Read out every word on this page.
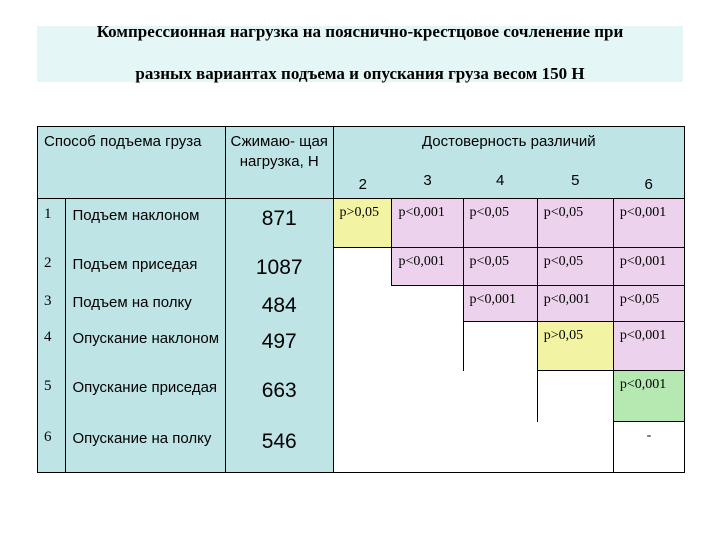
Компрессионная нагрузка на пояснично-крестцовое сочленение при
разных вариантах подъема и опускания груза весом 150 Н
Способ подъема груза		Сжимаю- щая нагрузка, Н	Достоверность различий				
			2	3	4	5	6
1	Подъем наклоном	871	p>0,05	p<0,001	p<0,05	p<0,05	p<0,001
2	Подъем приседая	1087		p<0,001	p<0,05	p<0,05	p<0,001
3	Подъем на полку	484			p<0,001	p<0,001	p<0,05
4	Опускание наклоном	497				p>0,05	p<0,001
5	Опускание приседая	663					p<0,001
6	Опускание на полку	546					-
